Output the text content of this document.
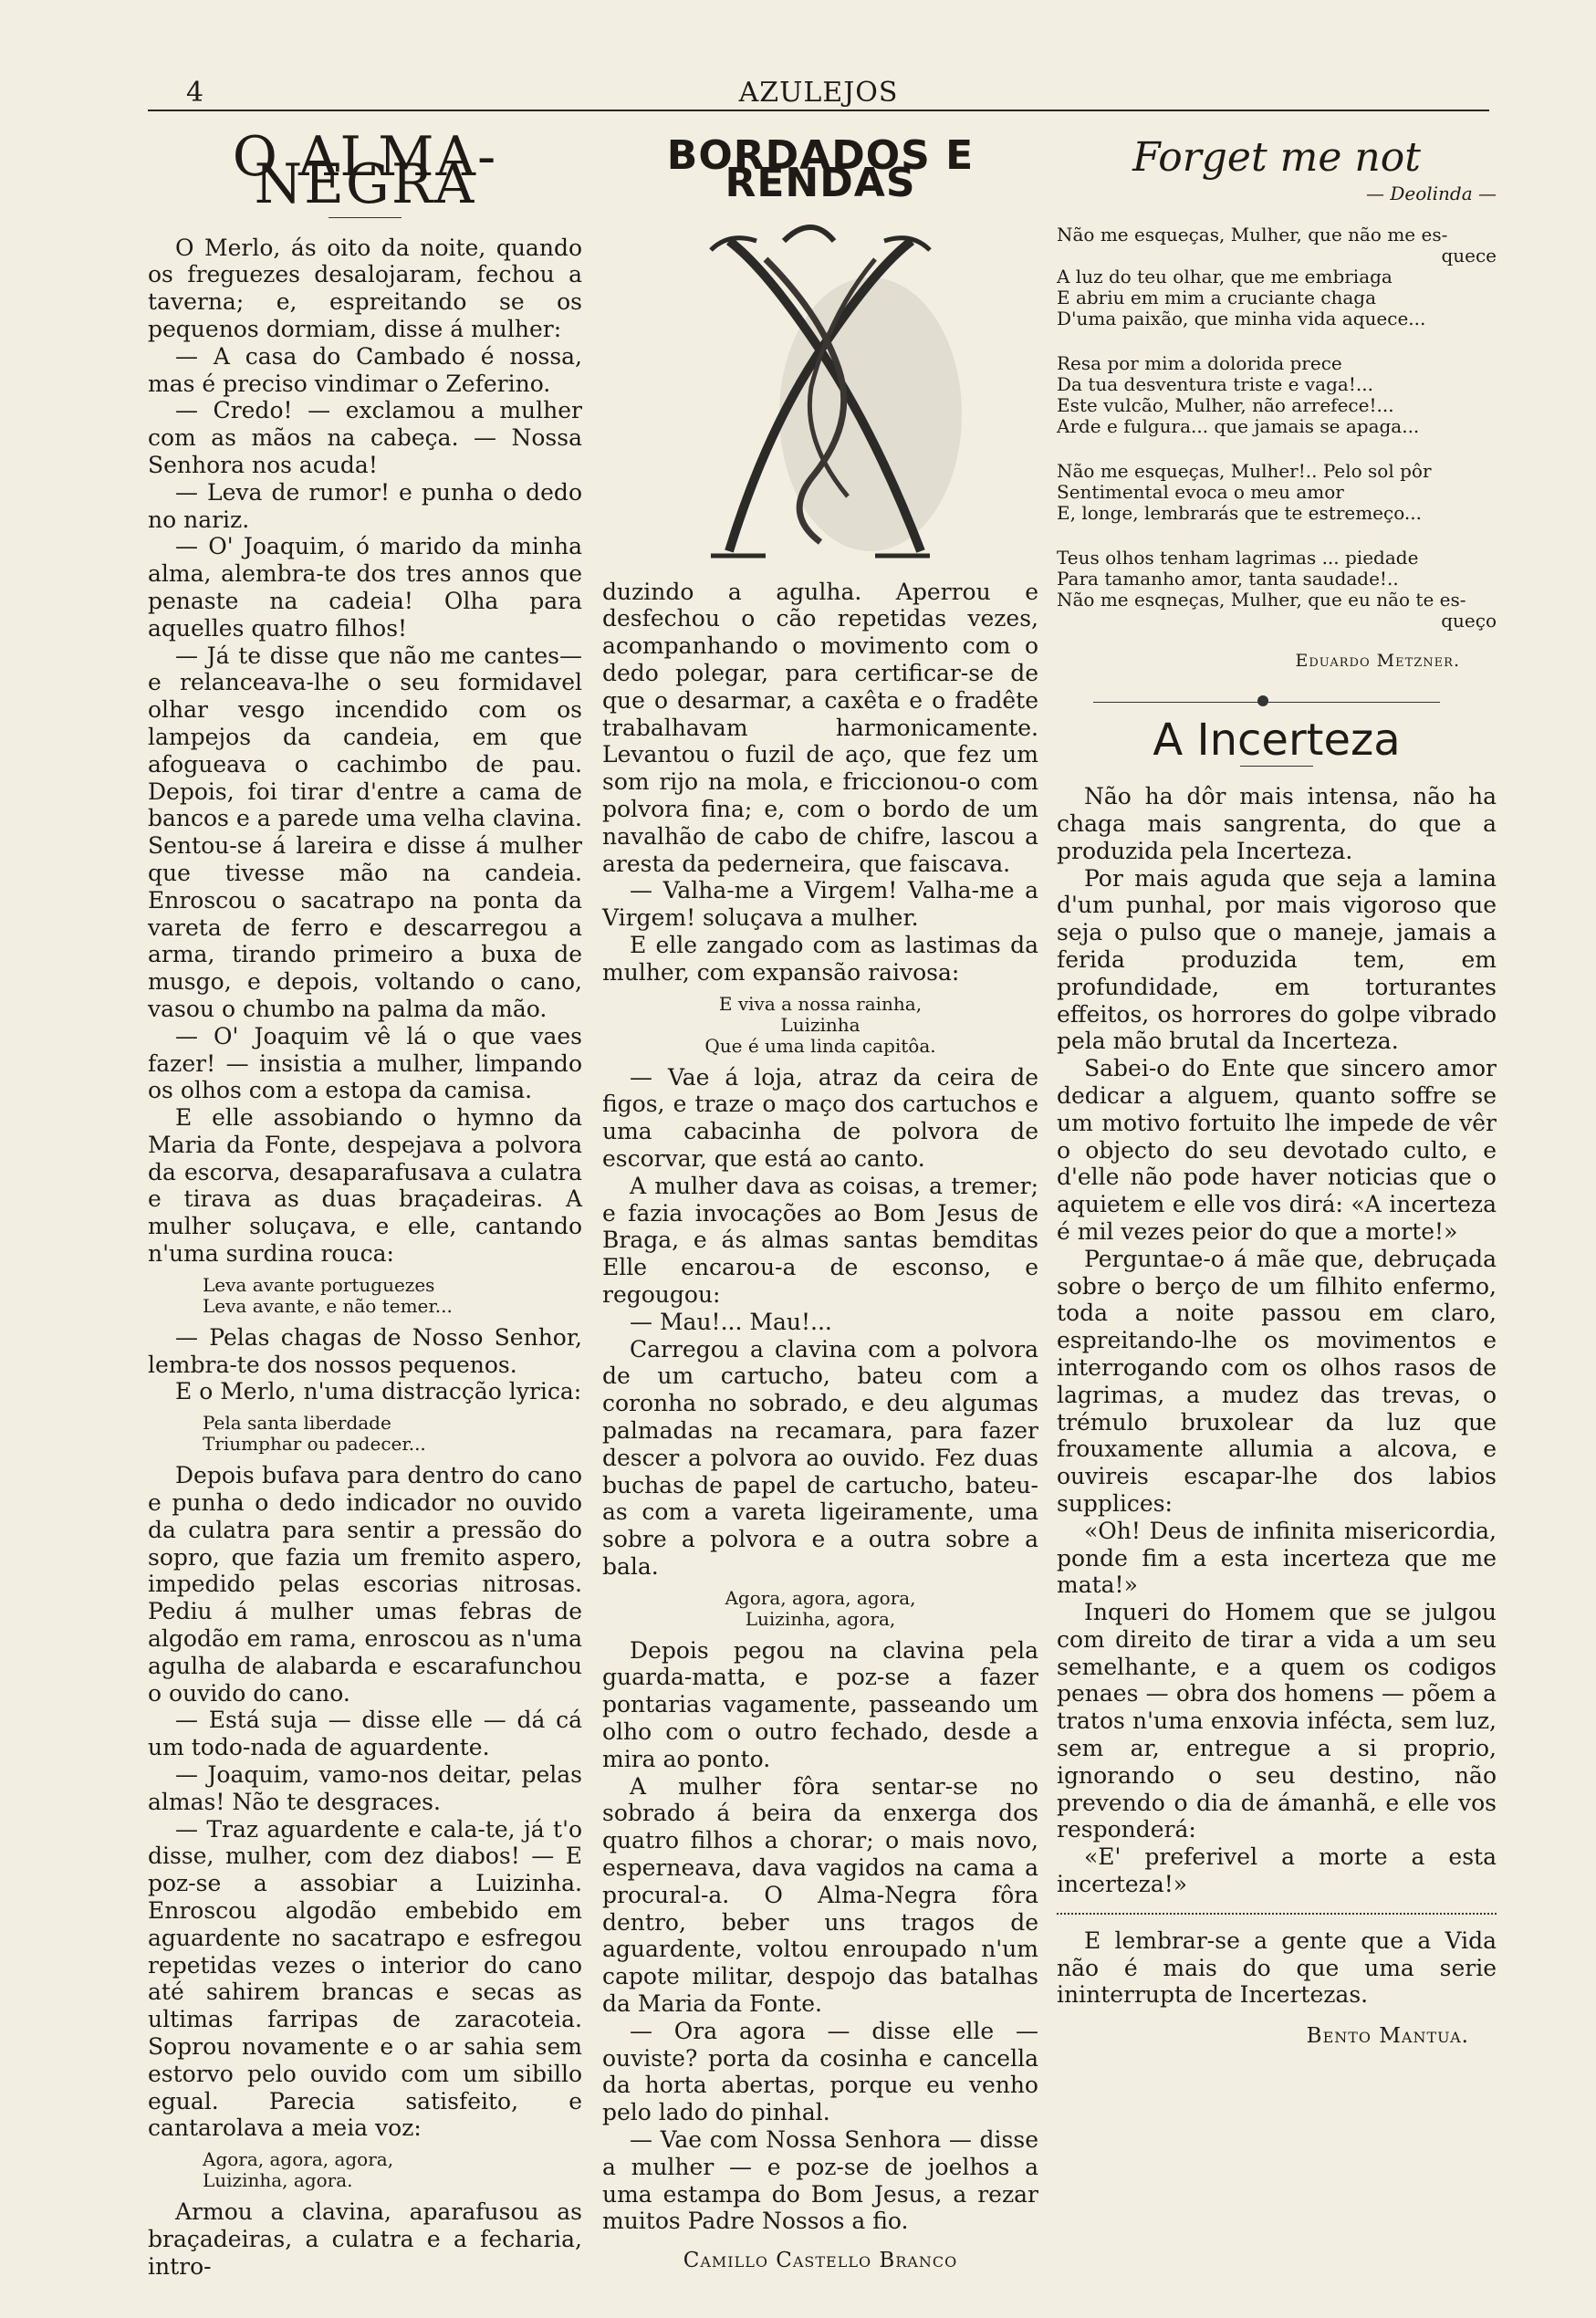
4	AZULEJOS
O ALMA-NEGRA

O Merlo, ás oito da noite, quando os freguezes desalojaram, fechou a taverna; e, espreitando se os pequenos dormiam, disse á mulher:

— A casa do Cambado é nossa, mas é preciso vindimar o Zeferino.

— Credo! — exclamou a mulher com as mãos na cabeça. — Nossa Senhora nos acuda!

— Leva de rumor! e punha o dedo no nariz.

— O' Joaquim, ó marido da minha alma, alembra-te dos tres annos que penaste na cadeia! Olha para aquelles quatro filhos!

— Já te disse que não me cantes— e relanceava-lhe o seu formidavel olhar vesgo incendido com os lampejos da candeia, em que afogueava o cachimbo de pau. Depois, foi tirar d'entre a cama de bancos e a parede uma velha clavina. Sentou-se á lareira e disse á mulher que tivesse mão na candeia. Enroscou o sacatrapo na ponta da vareta de ferro e descarregou a arma, tirando primeiro a buxa de musgo, e depois, voltando o cano, vasou o chumbo na palma da mão.

— O' Joaquim vê lá o que vaes fazer! — insistia a mulher, limpando os olhos com a estopa da camisa.

E elle assobiando o hymno da Maria da Fonte, despejava a polvora da escorva, desaparafusava a culatra e tirava as duas braçadeiras. A mulher soluçava, e elle, cantando n'uma surdina rouca:

Leva avante portuguezes
Leva avante, e não temer...

— Pelas chagas de Nosso Senhor, lembra-te dos nossos pequenos.

E o Merlo, n'uma distracção lyrica:

Pela santa liberdade
Triumphar ou padecer...

Depois bufava para dentro do cano e punha o dedo indicador no ouvido da culatra para sentir a pressão do sopro, que fazia um fremito aspero, impedido pelas escorias nitrosas. Pediu á mulher umas febras de algodão em rama, enroscou as n'uma agulha de alabarda e escarafunchou o ouvido do cano.

— Está suja — disse elle — dá cá um todo-nada de aguardente.

— Joaquim, vamo-nos deitar, pelas almas! Não te desgraces.

— Traz aguardente e cala-te, já t'o disse, mulher, com dez diabos! — E poz-se a assobiar a Luizinha. Enroscou algodão embebido em aguardente no sacatrapo e esfregou repetidas vezes o interior do cano até sahirem brancas e secas as ultimas farripas de zaracoteia. Soprou novamente e o ar sahia sem estorvo pelo ouvido com um sibillo egual. Parecia satisfeito, e cantarolava a meia voz:

Agora, agora, agora,
Luizinha, agora.

Armou a clavina, aparafusou as braçadeiras, a culatra e a fecharia, intro-

BORDADOS E RENDAS

duzindo a agulha. Aperrou e desfechou o cão repetidas vezes, acompanhando o movimento com o dedo polegar, para certificar-se de que o desarmar, a caxêta e o fradête trabalhavam harmonicamente. Levantou o fuzil de aço, que fez um som rijo na mola, e friccionou-o com polvora fina; e, com o bordo de um navalhão de cabo de chifre, lascou a aresta da pederneira, que faiscava.

— Valha-me a Virgem! Valha-me a Virgem! soluçava a mulher.

E elle zangado com as lastimas da mulher, com expansão raivosa:

E viva a nossa rainha,
Luizinha
Que é uma linda capitôa.

— Vae á loja, atraz da ceira de figos, e traze o maço dos cartuchos e uma cabacinha de polvora de escorvar, que está ao canto.

A mulher dava as coisas, a tremer; e fazia invocações ao Bom Jesus de Braga, e ás almas santas bemditas Elle encarou-a de esconso, e regougou:

— Mau!... Mau!...

Carregou a clavina com a polvora de um cartucho, bateu com a coronha no sobrado, e deu algumas palmadas na recamara, para fazer descer a polvora ao ouvido. Fez duas buchas de papel de cartucho, bateu-as com a vareta ligeiramente, uma sobre a polvora e a outra sobre a bala.

Agora, agora, agora,
Luizinha, agora,

Depois pegou na clavina pela guarda-matta, e poz-se a fazer pontarias vagamente, passeando um olho com o outro fechado, desde a mira ao ponto.

A mulher fôra sentar-se no sobrado á beira da enxerga dos quatro filhos a chorar; o mais novo, esperneava, dava vagidos na cama a procural-a. O Alma-Negra fôra dentro, beber uns tragos de aguardente, voltou enroupado n'um capote militar, despojo das batalhas da Maria da Fonte.

— Ora agora — disse elle — ouviste? porta da cosinha e cancella da horta abertas, porque eu venho pelo lado do pinhal.

— Vae com Nossa Senhora — disse a mulher — e poz-se de joelhos a uma estampa do Bom Jesus, a rezar muitos Padre Nossos a fio.

Camillo Castello Branco
Forget me not
— Deolinda —
Não me esqueças, Mulher, que não me es-
quece
A luz do teu olhar, que me embriaga
E abriu em mim a cruciante chaga
D'uma paixão, que minha vida aquece...
Resa por mim a dolorida prece
Da tua desventura triste e vaga!...
Este vulcão, Mulher, não arrefece!...
Arde e fulgura... que jamais se apaga...
Não me esqueças, Mulher!.. Pelo sol pôr
Sentimental evoca o meu amor
E, longe, lembrarás que te estremeço...
Teus olhos tenham lagrimas ... piedade
Para tamanho amor, tanta saudade!..
Não me esqneças, Mulher, que eu não te es-
queço
Eduardo Metzner.
A Incerteza

Não ha dôr mais intensa, não ha chaga mais sangrenta, do que a produzida pela Incerteza.

Por mais aguda que seja a lamina d'um punhal, por mais vigoroso que seja o pulso que o maneje, jamais a ferida produzida tem, em profundidade, em torturantes effeitos, os horrores do golpe vibrado pela mão brutal da Incerteza.

Sabei-o do Ente que sincero amor dedicar a alguem, quanto soffre se um motivo fortuito lhe impede de vêr o objecto do seu devotado culto, e d'elle não pode haver noticias que o aquietem e elle vos dirá: «A incerteza é mil vezes peior do que a morte!»

Perguntae-o á mãe que, debruçada sobre o berço de um filhito enfermo, toda a noite passou em claro, espreitando-lhe os movimentos e interrogando com os olhos rasos de lagrimas, a mudez das trevas, o trémulo bruxolear da luz que frouxamente allumia a alcova, e ouvireis escapar-lhe dos labios supplices:

«Oh! Deus de infinita misericordia, ponde fim a esta incerteza que me mata!»

Inqueri do Homem que se julgou com direito de tirar a vida a um seu semelhante, e a quem os codigos penaes — obra dos homens — põem a tratos n'uma enxovia infécta, sem luz, sem ar, entregue a si proprio, ignorando o seu destino, não prevendo o dia de ámanhã, e elle vos responderá:

«E' preferivel a morte a esta incerteza!»

E lembrar-se a gente que a Vida não é mais do que uma serie ininterrupta de Incertezas.

Bento Mantua.
